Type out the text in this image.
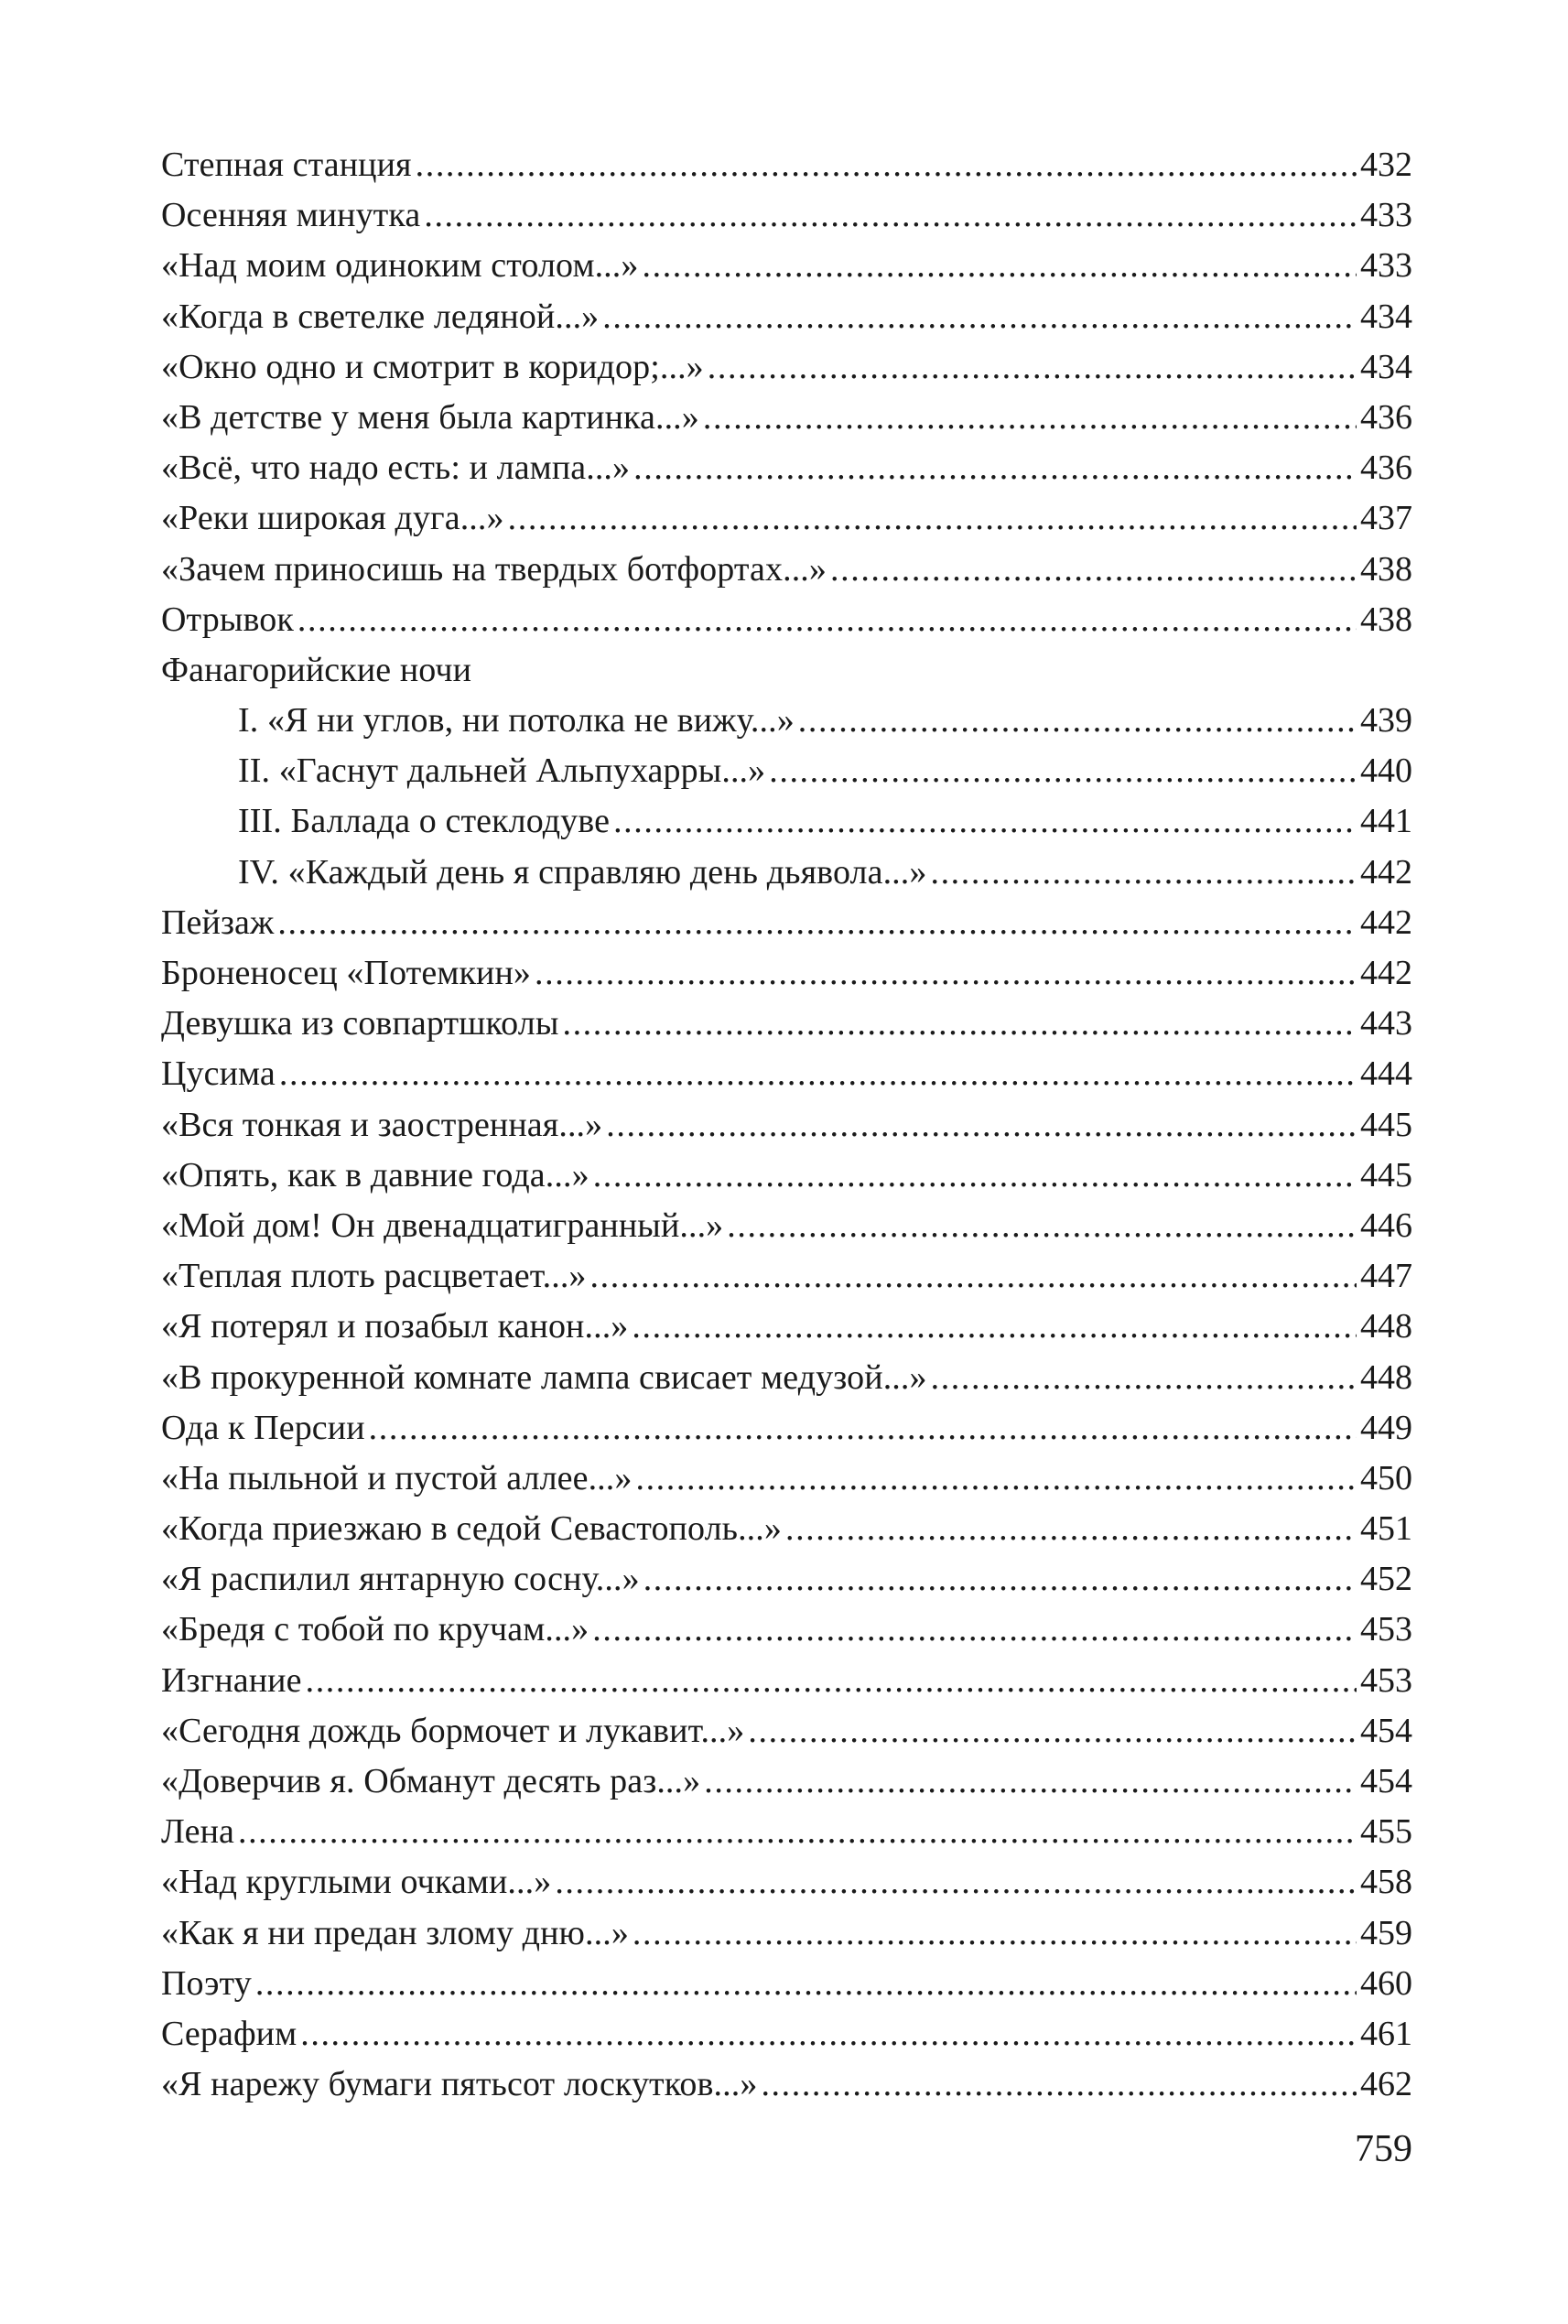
Степная станция .....	432
Осенняя минутка .....	433
«Над моим одиноким столом...» .....	433
«Когда в светелке ледяной...» .....	434
«Окно одно и смотрит в коридор;...» .....	434
«В детстве у меня была картинка...» .....	436
«Всё, что надо есть: и лампа...» .....	436
«Реки широкая дуга...» .....	437
«Зачем приносишь на твердых ботфортах...» .....	438
Отрывок .....	438
Фанагорийские ночи
I. «Я ни углов, ни потолка не вижу...» .....	439
II. «Гаснут дальней Альпухарры...» .....	440
III. Баллада о стеклодуве .....	441
IV. «Каждый день я справляю день дьявола...» .....	442
Пейзаж .....	442
Броненосец «Потемкин» .....	442
Девушка из совпартшколы .....	443
Цусима .....	444
«Вся тонкая и заостренная...» .....	445
«Опять, как в давние года...» .....	445
«Мой дом! Он двенадцатигранный...» .....	446
«Теплая плоть расцветает...» .....	447
«Я потерял и позабыл канон...» .....	448
«В прокуренной комнате лампа свисает медузой...» .....	448
Ода к Персии .....	449
«На пыльной и пустой аллее...» .....	450
«Когда приезжаю в седой Севастополь...» .....	451
«Я распилил янтарную сосну...» .....	452
«Бредя с тобой по кручам...» .....	453
Изгнание .....	453
«Сегодня дождь бормочет и лукавит...» .....	454
«Доверчив я. Обманут десять раз...» .....	454
Лена .....	455
«Над круглыми очками...» .....	458
«Как я ни предан злому дню...» .....	459
Поэту .....	460
Серафим .....	461
«Я нарежу бумаги пятьсот лоскутков...» .....	462
759
